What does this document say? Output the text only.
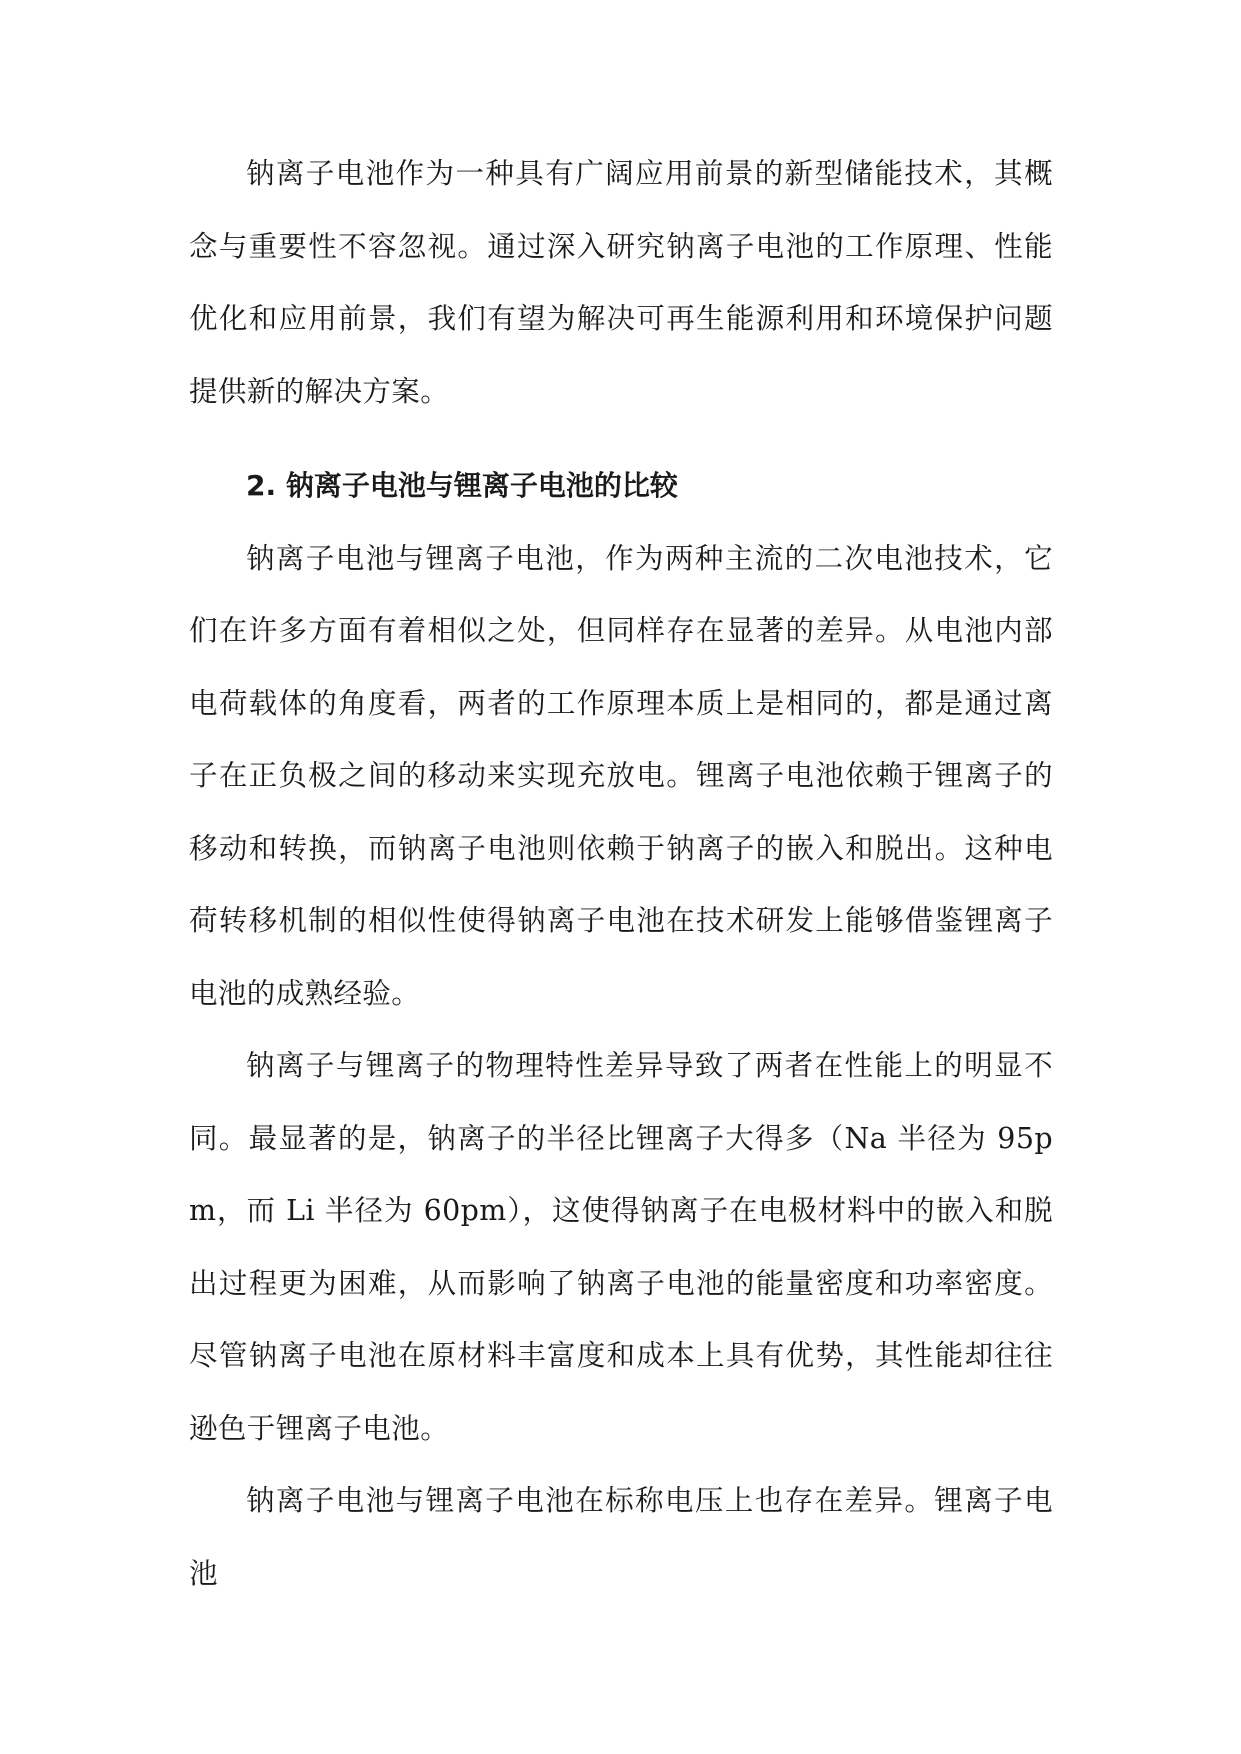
钠离子电池作为一种具有广阔应用前景的新型储能技术，其概念与重要性不容忽视。通过深入研究钠离子电池的工作原理、性能优化和应用前景，我们有望为解决可再生能源利用和环境保护问题提供新的解决方案。

2. 钠离子电池与锂离子电池的比较

钠离子电池与锂离子电池，作为两种主流的二次电池技术，它们在许多方面有着相似之处，但同样存在显著的差异。从电池内部电荷载体的角度看，两者的工作原理本质上是相同的，都是通过离子在正负极之间的移动来实现充放电。锂离子电池依赖于锂离子的移动和转换，而钠离子电池则依赖于钠离子的嵌入和脱出。这种电荷转移机制的相似性使得钠离子电池在技术研发上能够借鉴锂离子电池的成熟经验。

钠离子与锂离子的物理特性差异导致了两者在性能上的明显不同。最显著的是，钠离子的半径比锂离子大得多（Na 半径为 95pm，而 Li 半径为 60pm），这使得钠离子在电极材料中的嵌入和脱出过程更为困难，从而影响了钠离子电池的能量密度和功率密度。尽管钠离子电池在原材料丰富度和成本上具有优势，其性能却往往逊色于锂离子电池。

钠离子电池与锂离子电池在标称电压上也存在差异。锂离子电池
